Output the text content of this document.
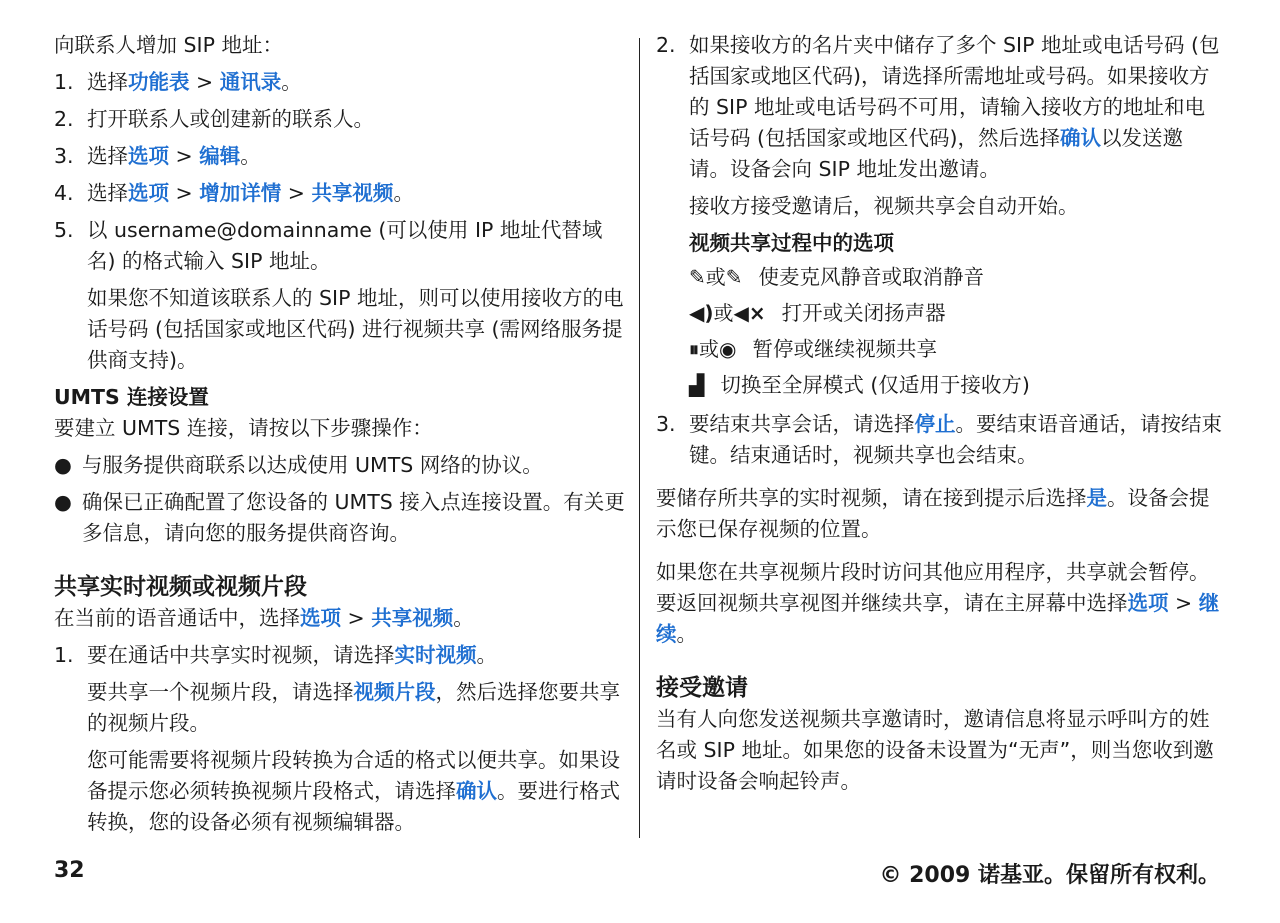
向联系人增加 SIP 地址：

1. 选择功能表 > 通讯录。
2. 打开联系人或创建新的联系人。
3. 选择选项 > 编辑。
4. 选择选项 > 增加详情 > 共享视频。
5. 以 username@domainname (可以使用 IP 地址代替域名) 的格式输入 SIP 地址。

如果您不知道该联系人的 SIP 地址，则可以使用接收方的电话号码 (包括国家或地区代码) 进行视频共享 (需网络服务提供商支持)。

UMTS 连接设置

要建立 UMTS 连接，请按以下步骤操作：

● 与服务提供商联系以达成使用 UMTS 网络的协议。
● 确保已正确配置了您设备的 UMTS 接入点连接设置。有关更多信息，请向您的服务提供商咨询。
共享实时视频或视频片段

在当前的语音通话中，选择选项 > 共享视频。

1. 要在通话中共享实时视频，请选择实时视频。

要共享一个视频片段，请选择视频片段，然后选择您要共享的视频片段。

您可能需要将视频片段转换为合适的格式以便共享。如果设备提示您必须转换视频片段格式，请选择确认。要进行格式转换，您的设备必须有视频编辑器。

2. 如果接收方的名片夹中储存了多个 SIP 地址或电话号码 (包括国家或地区代码)，请选择所需地址或号码。如果接收方的 SIP 地址或电话号码不可用，请输入接收方的地址和电话号码 (包括国家或地区代码)，然后选择确认以发送邀请。设备会向 SIP 地址发出邀请。

接收方接受邀请后，视频共享会自动开始。

视频共享过程中的选项
✎或✎ 使麦克风静音或取消静音
◀)或◀× 打开或关闭扬声器
⏸或◉ 暂停或继续视频共享
▟ 切换至全屏模式 (仅适用于接收方)
3. 要结束共享会话，请选择停止。要结束语音通话，请按结束键。结束通话时，视频共享也会结束。

要储存所共享的实时视频，请在接到提示后选择是。设备会提示您已保存视频的位置。

如果您在共享视频片段时访问其他应用程序，共享就会暂停。要返回视频共享视图并继续共享，请在主屏幕中选择选项 > 继续。

接受邀请

当有人向您发送视频共享邀请时，邀请信息将显示呼叫方的姓名或 SIP 地址。如果您的设备未设置为“无声”，则当您收到邀请时设备会响起铃声。

32	© 2009 诺基亚。保留所有权利。
